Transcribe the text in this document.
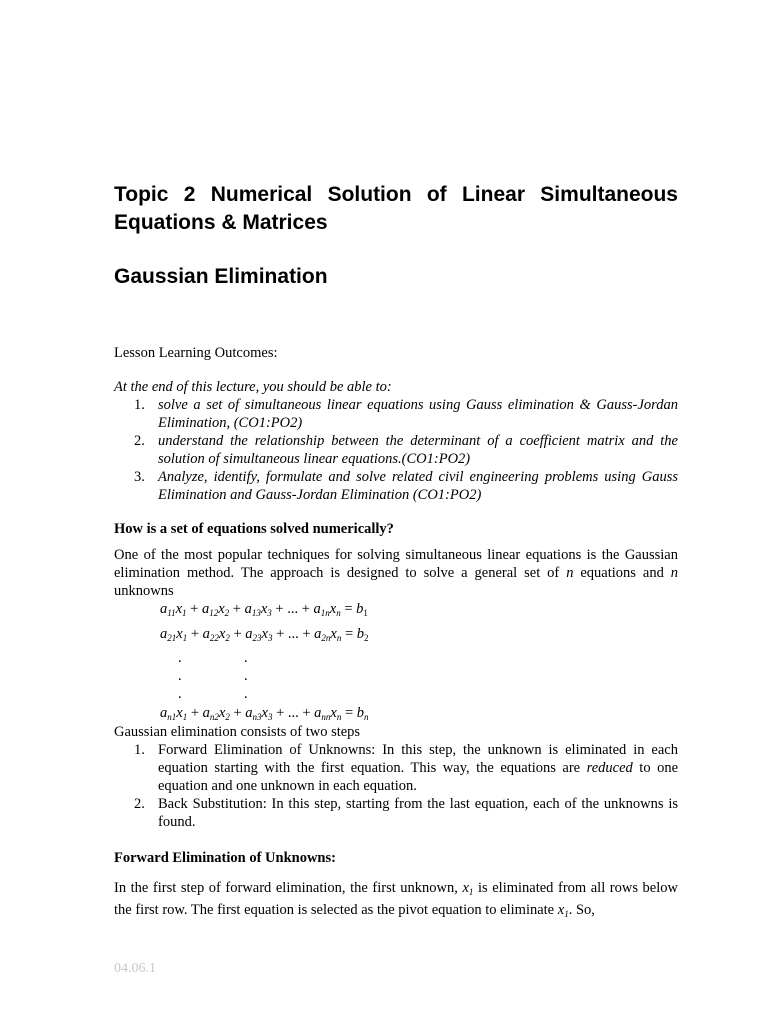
Topic 2 Numerical Solution of Linear Simultaneous
Equations & Matrices
Gaussian Elimination

Lesson Learning Outcomes:

At the end of this lecture, you should be able to:

1. solve a set of simultaneous linear equations using Gauss elimination & Gauss-Jordan Elimination, (CO1:PO2)
2. understand the relationship between the determinant of a coefficient matrix and the solution of simultaneous linear equations.(CO1:PO2)
3. Analyze, identify, formulate and solve related civil engineering problems using Gauss Elimination and Gauss-Jordan Elimination (CO1:PO2)

How is a set of equations solved numerically?

One of the most popular techniques for solving simultaneous linear equations is the Gaussian elimination method. The approach is designed to solve a general set of n equations and n unknowns

$a_{11}x_1 + a_{12}x_2 + a_{13}x_3$ + ... + $a_{1n}x_n = b_1$
$a_{21}x_1 + a_{22}x_2 + a_{23}x_3$ + ... + $a_{2n}x_n = b_2$
.	.
.	.
.	.
$a_{n1}x_1 + a_{n2}x_2 + a_{n3}x_3$ + ... + $a_{nn}x_n = b_n$

Gaussian elimination consists of two steps

1. Forward Elimination of Unknowns: In this step, the unknown is eliminated in each equation starting with the first equation. This way, the equations are reduced to one equation and one unknown in each equation.
2. Back Substitution: In this step, starting from the last equation, each of the unknowns is found.

Forward Elimination of Unknowns:

In the first step of forward elimination, the first unknown, $x_1$ is eliminated from all rows below the first row. The first equation is selected as the pivot equation to eliminate $x_1$. So,

04.06.1
